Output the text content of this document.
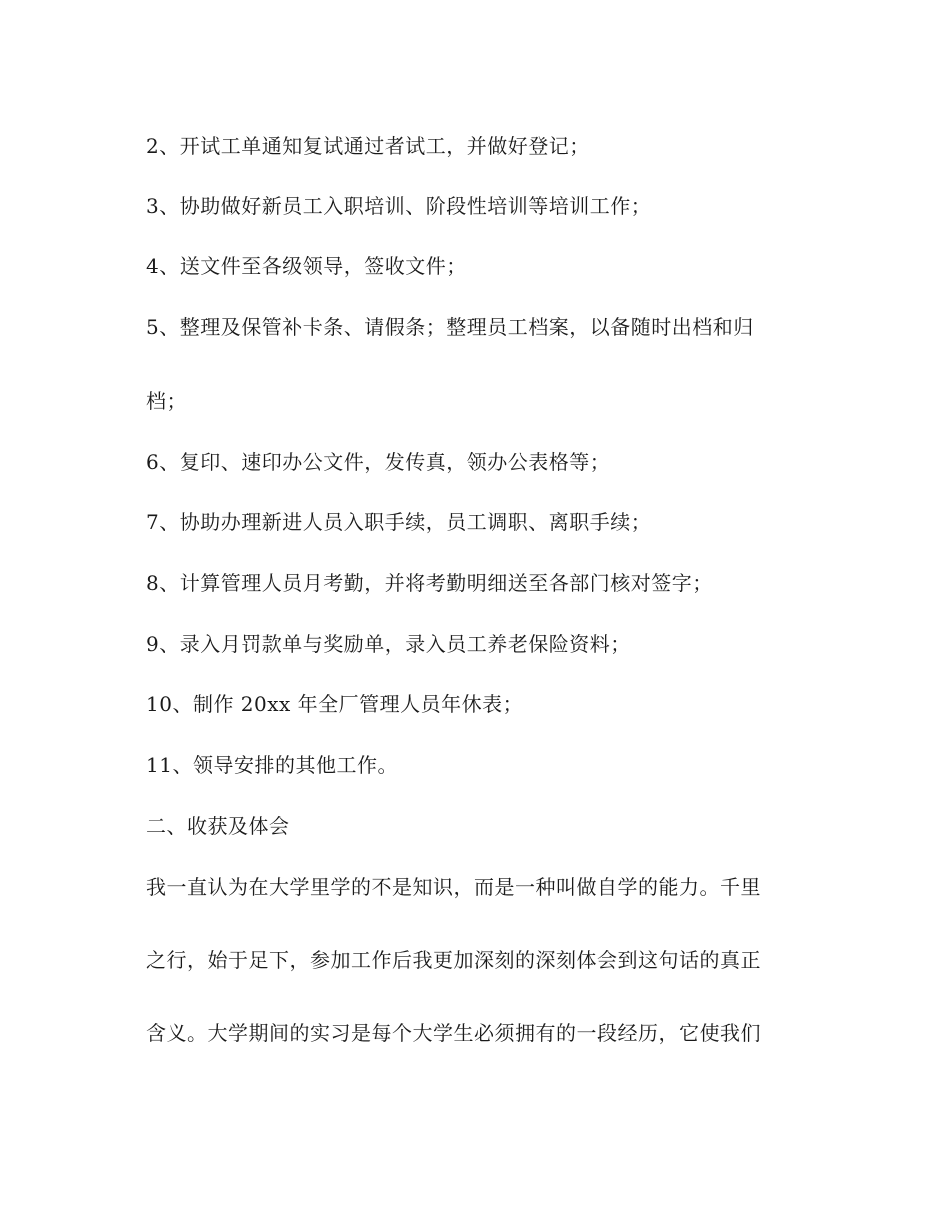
2、开试工单通知复试通过者试工，并做好登记；
3、协助做好新员工入职培训、阶段性培训等培训工作；
4、送文件至各级领导，签收文件；
5、整理及保管补卡条、请假条；整理员工档案，以备随时出档和归
档；
6、复印、速印办公文件，发传真，领办公表格等；
7、协助办理新进人员入职手续，员工调职、离职手续；
8、计算管理人员月考勤，并将考勤明细送至各部门核对签字；
9、录入月罚款单与奖励单，录入员工养老保险资料；
10、制作 20xx 年全厂管理人员年休表；
11、领导安排的其他工作。
二、收获及体会
我一直认为在大学里学的不是知识，而是一种叫做自学的能力。千里
之行，始于足下，参加工作后我更加深刻的深刻体会到这句话的真正
含义。大学期间的实习是每个大学生必须拥有的一段经历，它使我们
